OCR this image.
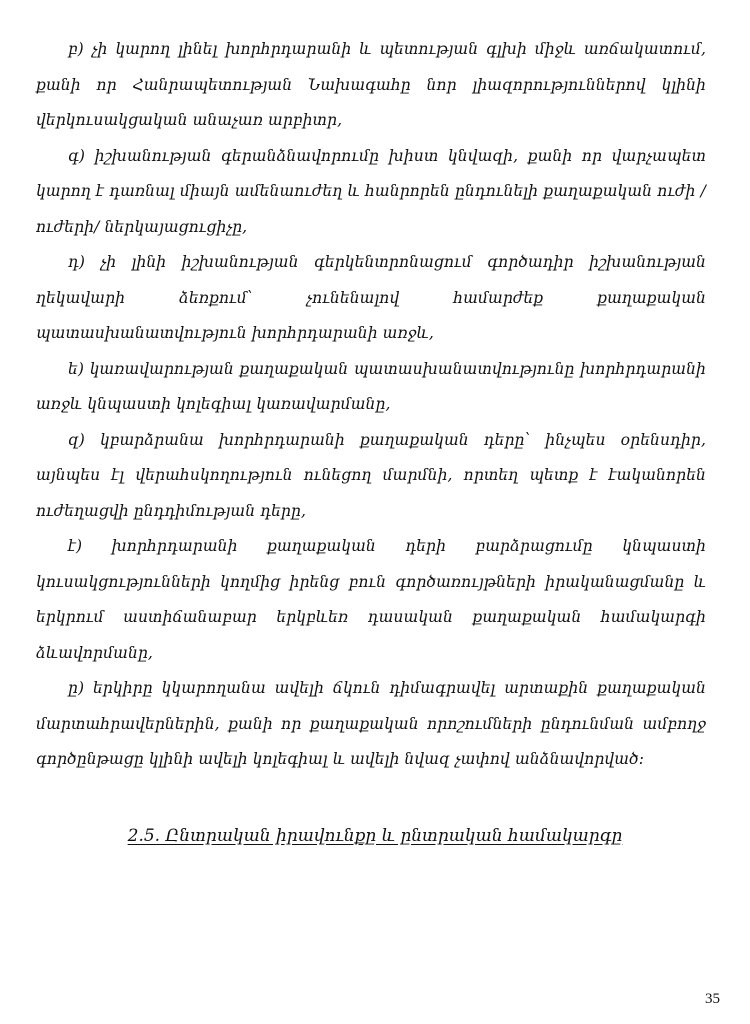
բ) չի կարող լինել խորհրդարանի և պետության գլխի միջև առճակատում, քանի որ Հանրապետության Նախագահը նոր լիազորություններով կլինի վերկուսակցական անաչառ արբիտր,

գ) իշխանության գերանձնավորումը խիստ կնվազի, քանի որ վարչապետ կարող է դառնալ միայն ամենաուժեղ և հանրորեն ընդունելի քաղաքական ուժի /ուժերի/ ներկայացուցիչը,

դ) չի լինի իշխանության գերկենտրոնացում գործադիր իշխանության ղեկավարի ձեռքում՝ չունենալով համարժեք քաղաքական պատասխանատվություն խորհրդարանի առջև,

ե) կառավարության քաղաքական պատասխանատվությունը խորհրդարանի առջև կնպաստի կոլեգիալ կառավարմանը,

զ) կբարձրանա խորհրդարանի քաղաքական դերը՝ ինչպես օրենսդիր, այնպես էլ վերահսկողություն ունեցող մարմնի, որտեղ պետք է էականորեն ուժեղացվի ընդդիմության դերը,

է) խորհրդարանի քաղաքական դերի բարձրացումը կնպաստի կուսակցությունների կողմից իրենց բուն գործառույթների իրականացմանը և երկրում աստիճանաբար երկբևեռ դասական քաղաքական համակարգի ձևավորմանը,

ը) երկիրը կկարողանա ավելի ճկուն դիմագրավել արտաքին քաղաքական մարտահրավերներին, քանի որ քաղաքական որոշումների ընդունման ամբողջ գործընթացը կլինի ավելի կոլեգիալ և ավելի նվազ չափով անձնավորված:

2.5. Ընտրական իրավունքը և ընտրական համակարգը
35
